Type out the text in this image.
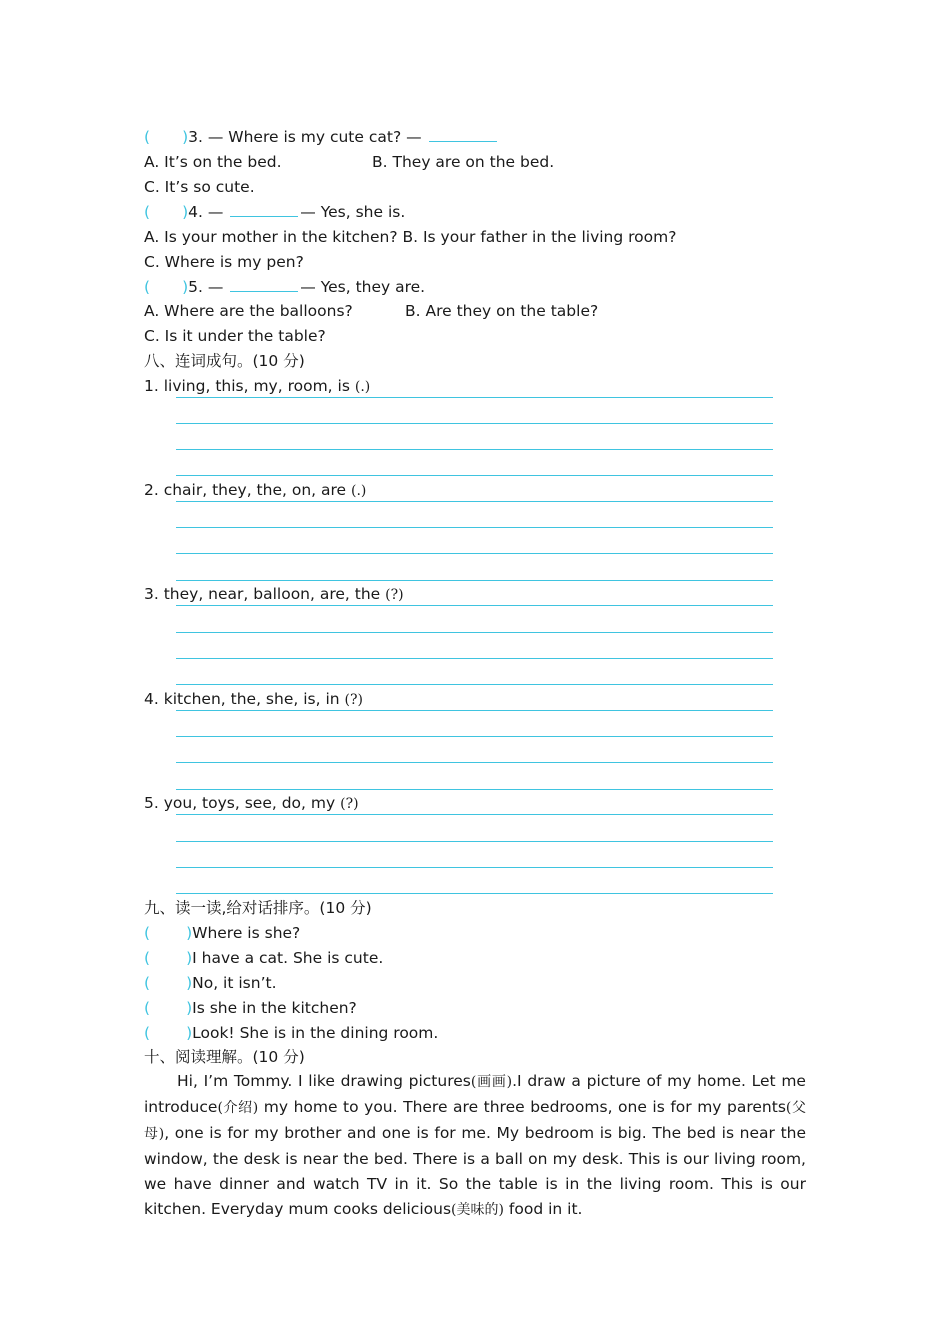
( )3. — Where is my cute cat? —
A. It’s on the bed.	B. They are on the bed.
C. It’s so cute.
( )4. —	— Yes, she is.
A. Is your mother in the kitchen? B. Is your father in the living room?
C. Where is my pen?
( )5. —	— Yes, they are.
A. Where are the balloons?	B. Are they on the table?
C. Is it under the table?
八、连词成句。(10 分)
1. living, this, my, room, is (.)
2. chair, they, the, on, are (.)
3. they, near, balloon, are, the (?)
4. kitchen, the, she, is, in (?)
5. you, toys, see, do, my (?)
九、读一读,给对话排序。(10 分)
( )Where is she?
( )I have a cat. She is cute.
( )No, it isn’t.
( )Is she in the kitchen?
( )Look! She is in the dining room.
十、阅读理解。(10 分)

Hi, I’m Tommy. I like drawing pictures(画画).I draw a picture of my home. Let me introduce(介绍) my home to you. There are three bedrooms, one is for my parents(父母), one is for my brother and one is for me. My bedroom is big. The bed is near the window, the desk is near the bed. There is a ball on my desk. This is our living room, we have dinner and watch TV in it. So the table is in the living room. This is our kitchen. Everyday mum cooks delicious(美味的) food in it.
